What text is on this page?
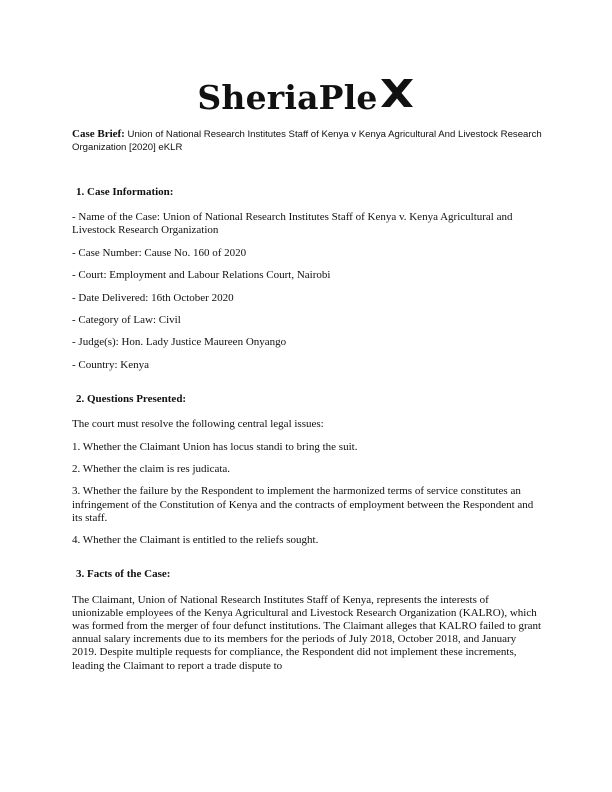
SheriaPle
Case Brief: Union of National Research Institutes Staff of Kenya v Kenya Agricultural And Livestock Research Organization [2020] eKLR
1. Case Information:

- Name of the Case: Union of National Research Institutes Staff of Kenya v. Kenya Agricultural and Livestock Research Organization

- Case Number: Cause No. 160 of 2020

- Court: Employment and Labour Relations Court, Nairobi

- Date Delivered: 16th October 2020

- Category of Law: Civil

- Judge(s): Hon. Lady Justice Maureen Onyango

- Country: Kenya

2. Questions Presented:

The court must resolve the following central legal issues:

1. Whether the Claimant Union has locus standi to bring the suit.

2. Whether the claim is res judicata.

3. Whether the failure by the Respondent to implement the harmonized terms of service constitutes an infringement of the Constitution of Kenya and the contracts of employment between the Respondent and its staff.

4. Whether the Claimant is entitled to the reliefs sought.

3. Facts of the Case:

The Claimant, Union of National Research Institutes Staff of Kenya, represents the interests of unionizable employees of the Kenya Agricultural and Livestock Research Organization (KALRO), which was formed from the merger of four defunct institutions. The Claimant alleges that KALRO failed to grant annual salary increments due to its members for the periods of July 2018, October 2018, and January 2019. Despite multiple requests for compliance, the Respondent did not implement these increments, leading the Claimant to report a trade dispute to
